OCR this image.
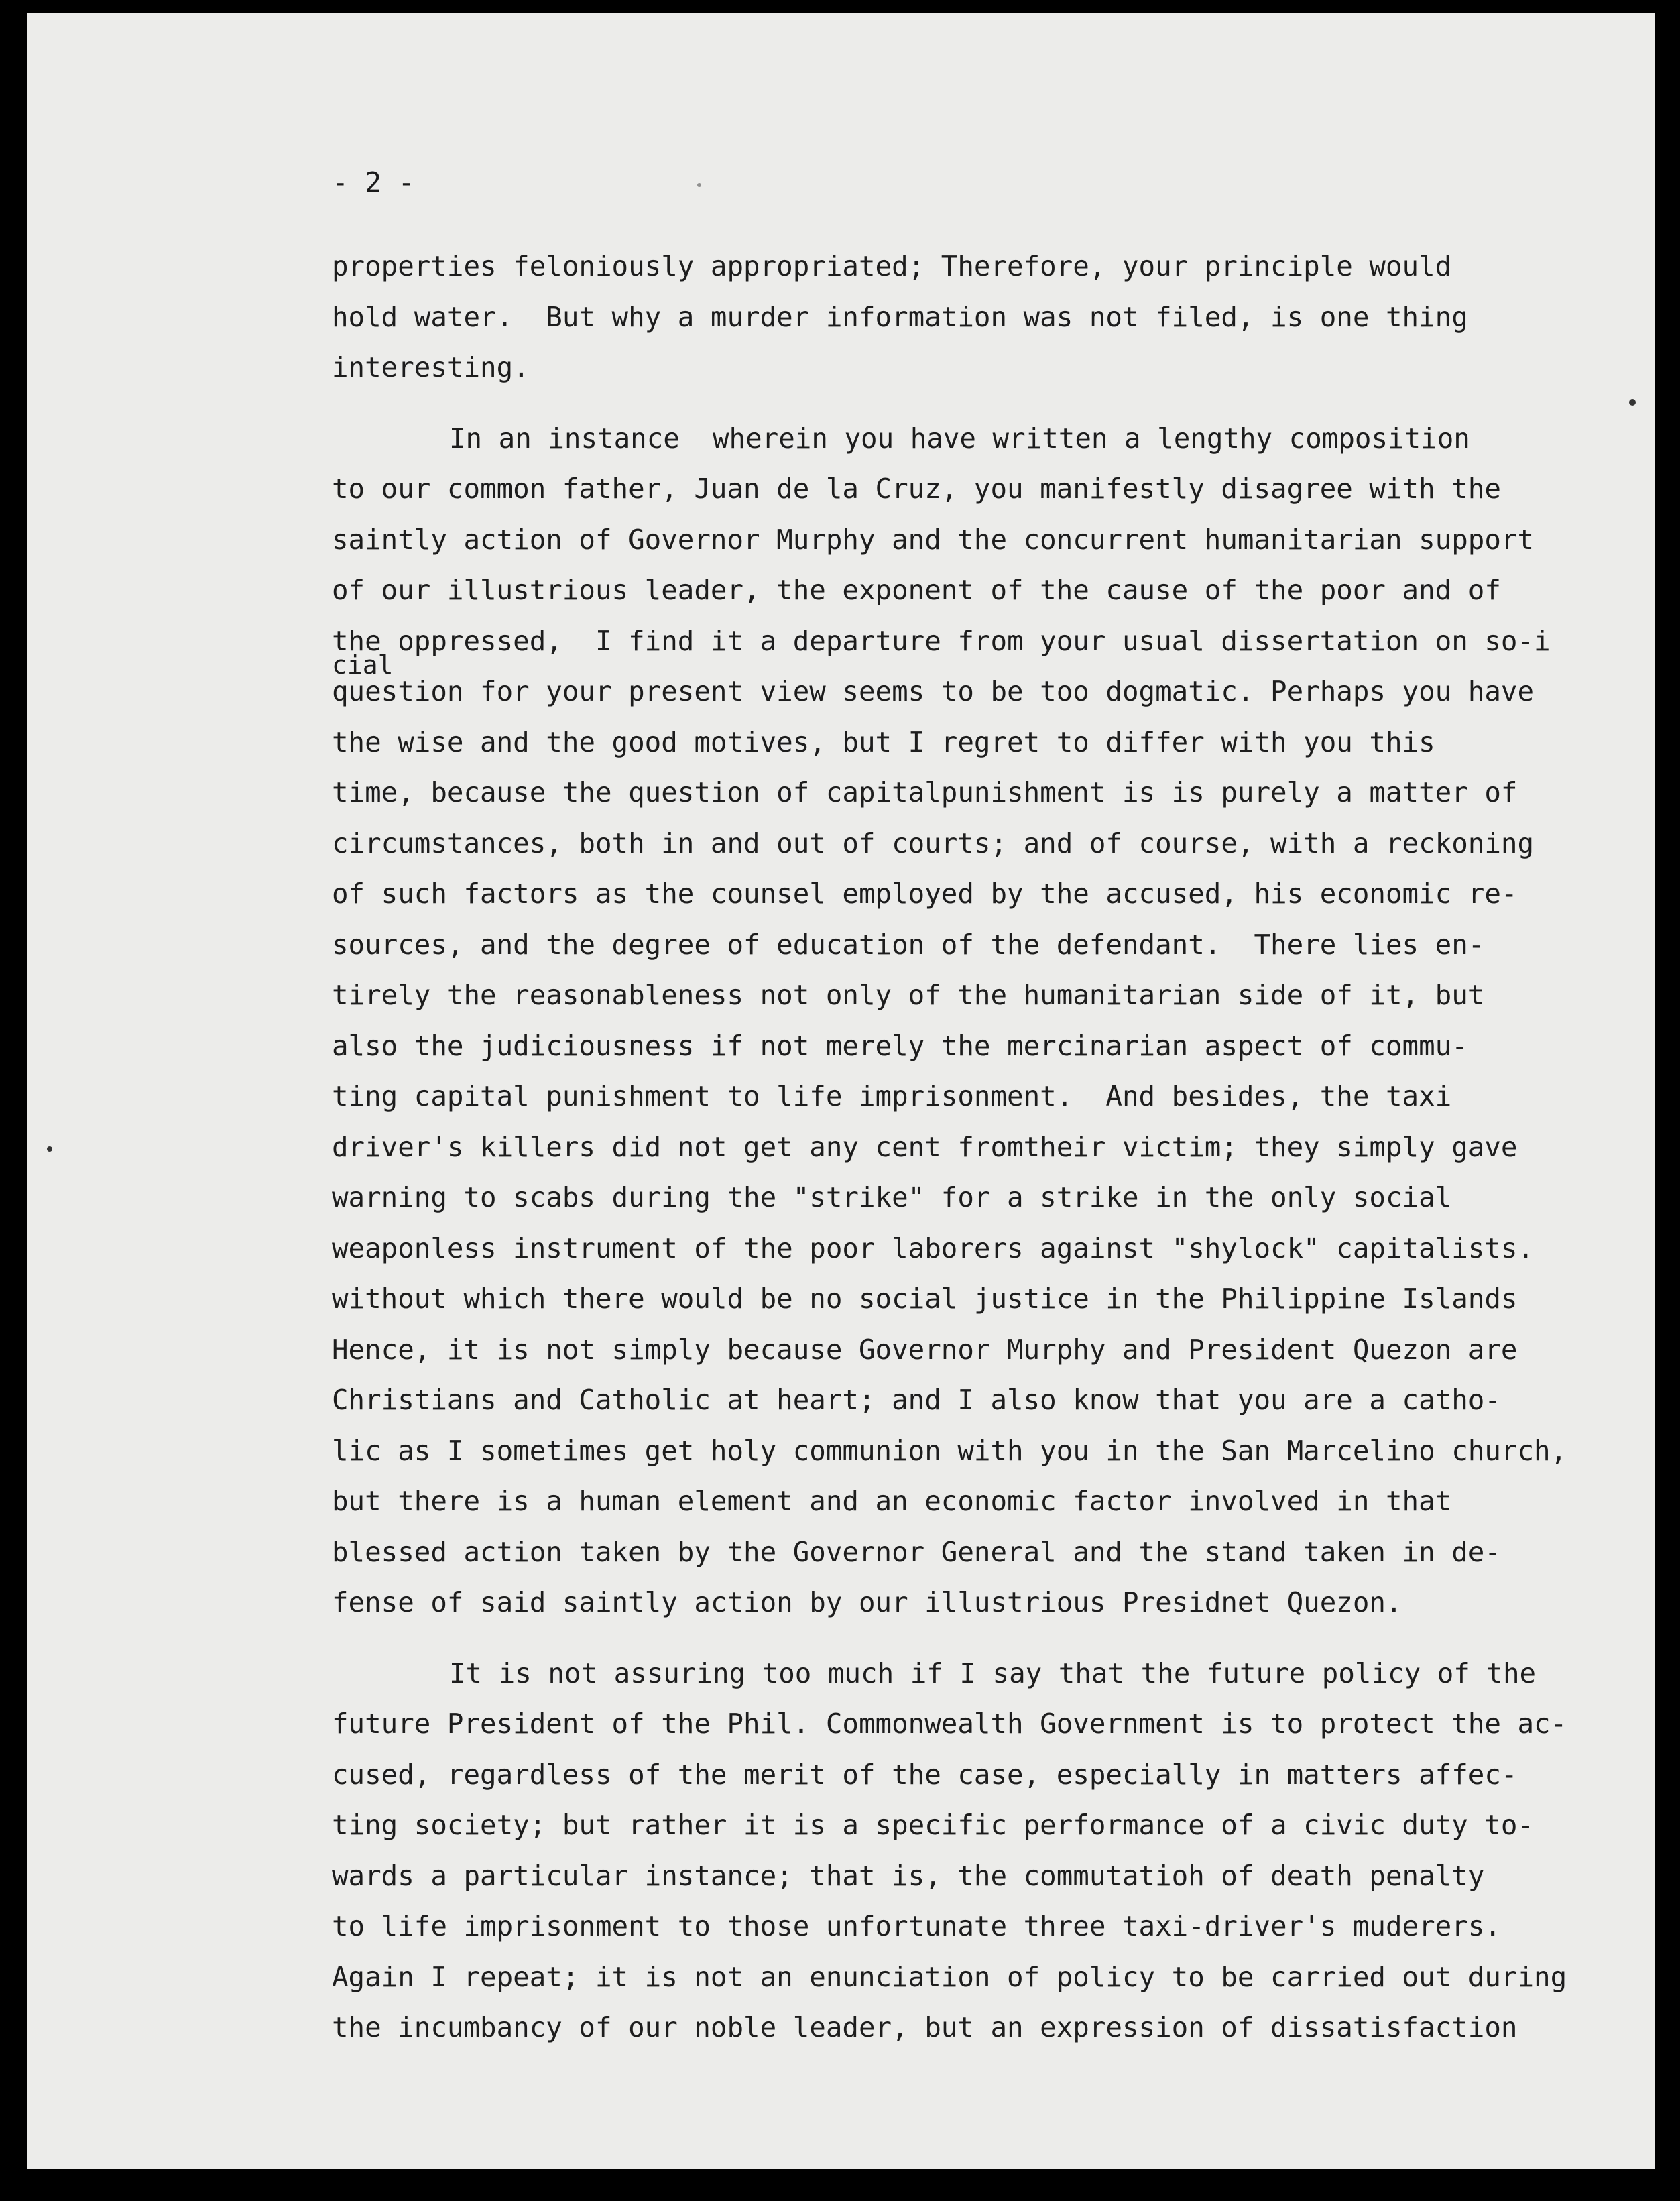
- 2 -
properties feloniously appropriated; Therefore, your principle would
hold water.  But why a murder information was not filed, is one thing
interesting.
In an instance  wherein you have written a lengthy composition
to our common father, Juan de la Cruz, you manifestly disagree with the
saintly action of Governor Murphy and the concurrent humanitarian support
of our illustrious leader, the exponent of the cause of the poor and of
the oppressed,  I find it a departure from your usual dissertation on so-i
question for your present view seems to be too dogmatic. Perhaps you have
the wise and the good motives, but I regret to differ with you this
time, because the question of capitalpunishment is is purely a matter of
circumstances, both in and out of courts; and of course, with a reckoning
of such factors as the counsel employed by the accused, his economic re-
sources, and the degree of education of the defendant.  There lies en-
tirely the reasonableness not only of the humanitarian side of it, but
also the judiciousness if not merely the mercinarian aspect of commu-
ting capital punishment to life imprisonment.  And besides, the taxi
driver's killers did not get any cent fromtheir victim; they simply gave
warning to scabs during the "strike" for a strike in the only social
weaponless instrument of the poor laborers against "shylock" capitalists.
without which there would be no social justice in the Philippine Islands
Hence, it is not simply because Governor Murphy and President Quezon are
Christians and Catholic at heart; and I also know that you are a catho-
lic as I sometimes get holy communion with you in the San Marcelino church,
but there is a human element and an economic factor involved in that
blessed action taken by the Governor General and the stand taken in de-
fense of said saintly action by our illustrious Presidnet Quezon.
It is not assuring too much if I say that the future policy of the
future President of the Phil. Commonwealth Government is to protect the ac-
cused, regardless of the merit of the case, especially in matters affec-
ting society; but rather it is a specific performance of a civic duty to-
wards a particular instance; that is, the commutatioh of death penalty
to life imprisonment to those unfortunate three taxi-driver's muderers.
Again I repeat; it is not an enunciation of policy to be carried out during
the incumbancy of our noble leader, but an expression of dissatisfaction
cial
